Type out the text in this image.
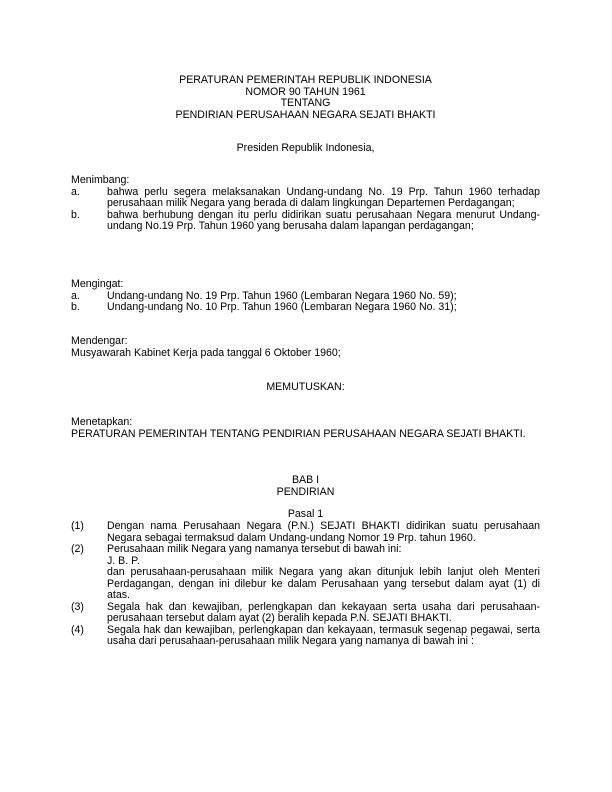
PERATURAN PEMERINTAH REPUBLIK INDONESIA
NOMOR 90 TAHUN 1961
TENTANG
PENDIRIAN PERUSAHAAN NEGARA SEJATI BHAKTI
Presiden Republik Indonesia,
Menimbang:
a.	bahwa perlu segera melaksanakan Undang-undang No. 19 Prp. Tahun 1960 terhadap perusahaan milik Negara yang berada di dalam lingkungan Departemen Perdagangan;
b.	bahwa berhubung dengan itu perlu didirikan suatu perusahaan Negara menurut Undang-undang No.19 Prp. Tahun 1960 yang berusaha dalam lapangan perdagangan;
Mengingat:
a.	Undang-undang No. 19 Prp. Tahun 1960 (Lembaran Negara 1960 No. 59);
b.	Undang-undang No. 10 Prp. Tahun 1960 (Lembaran Negara 1960 No. 31);
Mendengar:
Musyawarah Kabinet Kerja pada tanggal 6 Oktober 1960;
MEMUTUSKAN:
Menetapkan:
PERATURAN PEMERINTAH TENTANG PENDIRIAN PERUSAHAAN NEGARA SEJATI BHAKTI.
BAB I
PENDIRIAN
Pasal 1
(1)	Dengan nama Perusahaan Negara (P.N.) SEJATI BHAKTI didirikan suatu perusahaan Negara sebagai termaksud dalam Undang-undang Nomor 19 Prp. tahun 1960.
(2)	Perusahaan milik Negara yang namanya tersebut di bawah ini:
J. B. P.
dan perusahaan-perusahaan milik Negara yang akan ditunjuk lebih lanjut oleh Menteri Perdagangan, dengan ini dilebur ke dalam Perusahaan yang tersebut dalam ayat (1) di atas.
(3)	Segala hak dan kewajiban, perlengkapan dan kekayaan serta usaha dari perusahaan-perusahaan tersebut dalam ayat (2) beralih kepada P.N. SEJATI BHAKTI.
(4)	Segala hak dan kewajiban, perlengkapan dan kekayaan, termasuk segenap pegawai, serta usaha dari perusahaan-perusahaan milik Negara yang namanya di bawah ini :
